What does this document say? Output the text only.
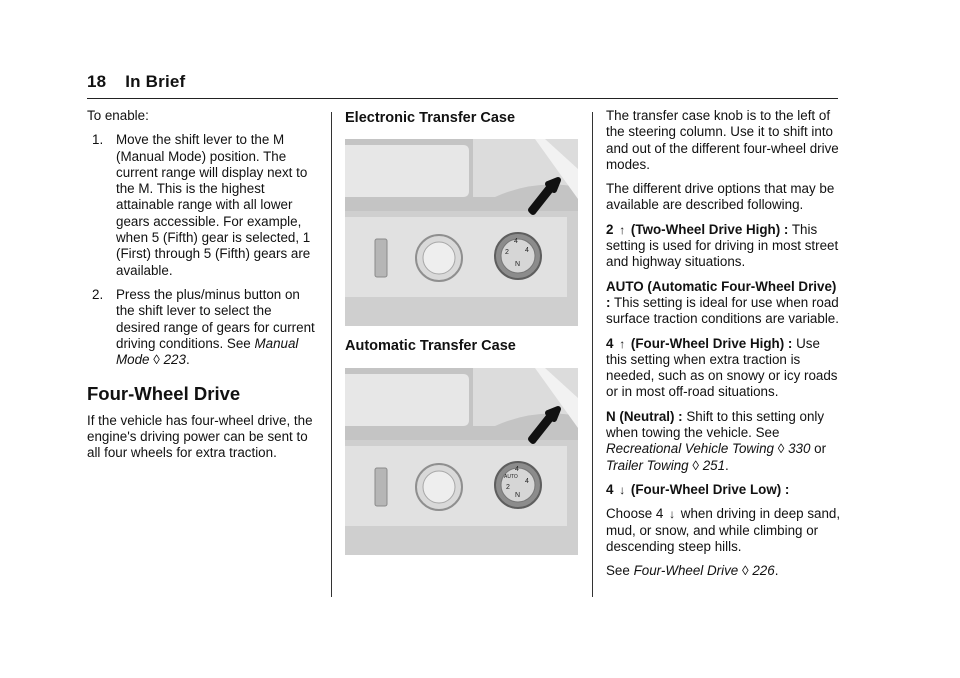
18 In Brief

To enable:

1. Move the shift lever to the M (Manual Mode) position. The current range will display next to the M. This is the highest attainable range with all lower gears accessible. For example, when 5 (Fifth) gear is selected, 1 (First) through 5 (Fifth) gears are available.
2. Press the plus/minus button on the shift lever to select the desired range of gears for current driving conditions. See Manual Mode ◊ 223.
Four-Wheel Drive

If the vehicle has four-wheel drive, the engine's driving power can be sent to all four wheels for extra traction.

Electronic Transfer Case
2
4
4
N
Automatic Transfer Case
AUTO
2
4
4
N

The transfer case knob is to the left of the steering column. Use it to shift into and out of the different four-wheel drive modes.

The different drive options that may be available are described following.

2 ↑ (Two-Wheel Drive High) : This setting is used for driving in most street and highway situations.

AUTO (Automatic Four-Wheel Drive) : This setting is ideal for use when road surface traction conditions are variable.

4 ↑ (Four-Wheel Drive High) : Use this setting when extra traction is needed, such as on snowy or icy roads or in most off-road situations.

N (Neutral) : Shift to this setting only when towing the vehicle. See Recreational Vehicle Towing ◊ 330 or Trailer Towing ◊ 251.

4 ↓ (Four-Wheel Drive Low) :

Choose 4 ↓ when driving in deep sand, mud, or snow, and while climbing or descending steep hills.

See Four-Wheel Drive ◊ 226.
